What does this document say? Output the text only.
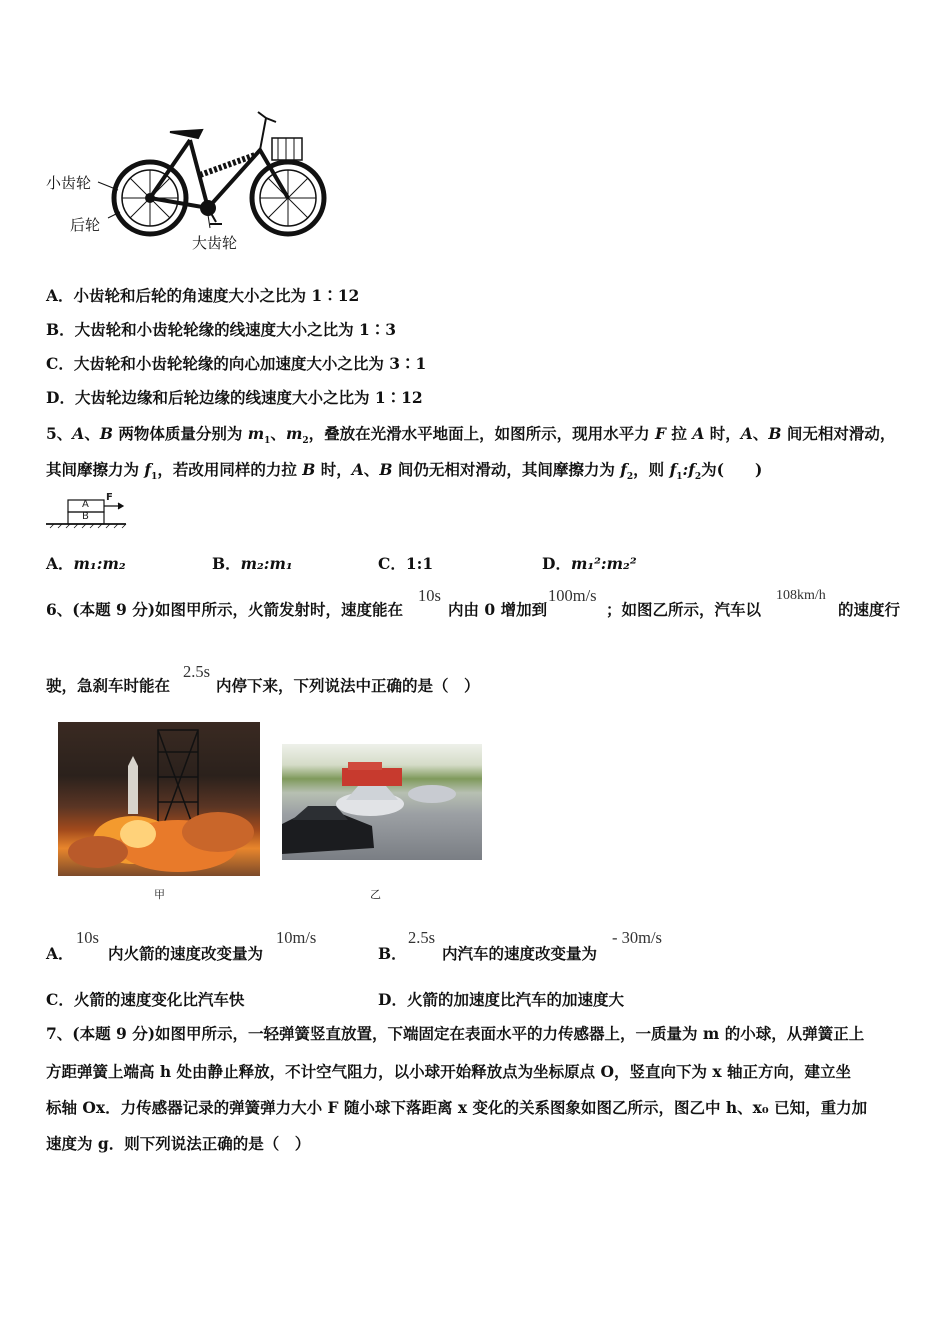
小齿轮
后轮
大齿轮
A．小齿轮和后轮的角速度大小之比为 1∶12
B．大齿轮和小齿轮轮缘的线速度大小之比为 1∶3
C．大齿轮和小齿轮轮缘的向心加速度大小之比为 3∶1
D．大齿轮边缘和后轮边缘的线速度大小之比为 1∶12
5、A、B 两物体质量分别为 $m_1$、$m_2$，叠放在光滑水平地面上，如图所示，现用水平力 F 拉 A 时，A、B 间无相对滑动，
其间摩擦力为 $f_1$，若改用同样的力拉 B 时，A、B 间仍无相对滑动，其间摩擦力为 $f_2$，则 $f_1:f_2$为(　　)
A
B
F
A．m₁:m₂	B．m₂:m₁	C．1:1	D．m₁²:m₂²
6、(本题 9 分)如图甲所示，火箭发射时，速度能在
10s
内由 0 增加到
100m/s
；如图乙所示，汽车以
108km/h
的速度行
驶，急刹车时能在
2.5s
内停下来，下列说法中正确的是（　）
甲	乙
A．
10s
内火箭的速度改变量为
10m/s
B．
2.5s
内汽车的速度改变量为
- 30m/s
C．火箭的速度变化比汽车快	D．火箭的加速度比汽车的加速度大
7、(本题 9 分)如图甲所示，一轻弹簧竖直放置，下端固定在表面水平的力传感器上，一质量为 m 的小球，从弹簧正上
方距弹簧上端高 h 处由静止释放，不计空气阻力，以小球开始释放点为坐标原点 O，竖直向下为 x 轴正方向，建立坐
标轴 Ox．力传感器记录的弹簧弹力大小 F 随小球下落距离 x 变化的关系图象如图乙所示，图乙中 h、x₀ 已知，重力加
速度为 g．则下列说法正确的是（　）
